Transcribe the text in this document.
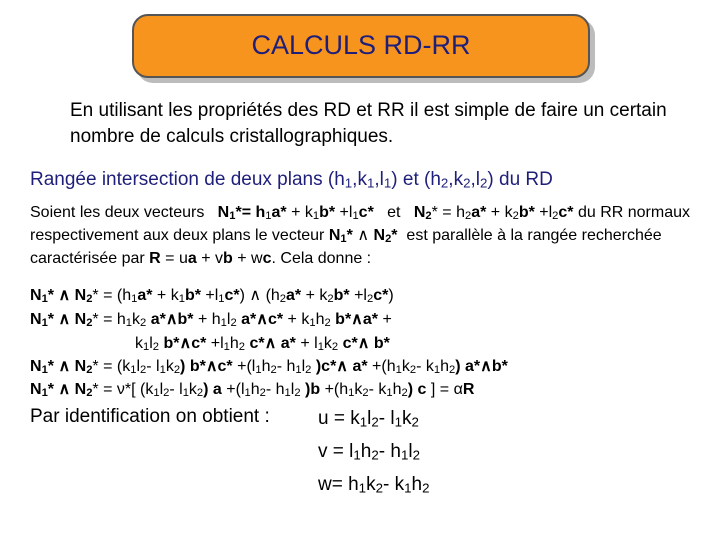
CALCULS RD-RR
En utilisant les propriétés des RD et RR il est simple de faire un certain nombre de calculs cristallographiques.
Rangée intersection de deux plans $(h_1,k_1,l_1)$ et $(h_2,k_2,l_2)$ du RD
Soient les deux vecteurs $N_1*= h_1a* + k_1b* +l_1c*$ et $N_2* = h_2a* + k_2b* +l_2c*$ du RR normaux respectivement aux deux plans le vecteur $N_1*$ ∧ $N_2*$ est parallèle à la rangée recherchée caractérisée par R = ua + vb + wc. Cela donne :
$N_1*$ ∧ $N_2* = (h_1a* + k_1b* +l_1c*)$ ∧ $(h_2a* + k_2b* +l_2c*)$
$N_1*$ ∧ $N_2* = h_1k_2$ a*∧b* + $h_1l_2$ a*∧c* + $k_1h_2$ b*∧a* +
$k_1l_2$ b*∧c* $+l_1h_2$ c*∧ $a* + l_1k_2$ c*∧ b*
$N_1*$ ∧ $N_2* = (k_1l_2-$ $l_1k_2$) b*∧c* $+(l_1h_2-$ $h_1l_2$ )c*∧ $a* +(h_1k_2-$ $k_1h_2$) a*∧b*
$N_1*$ ∧ $N_2* = \nu*$[ ($k_1l_2-$ $l_1k_2$) $a +(l_1h_2-$ $h_1l_2$ )$b +(h_1k_2-$ $k_1h_2$) c ] = αR
Par identification on obtient :	$u = k_1l_2-$ $l_1k_2$
$v = l_1h_2-$ $h_1l_2$
$w= h_1k_2-$ $k_1h_2$
